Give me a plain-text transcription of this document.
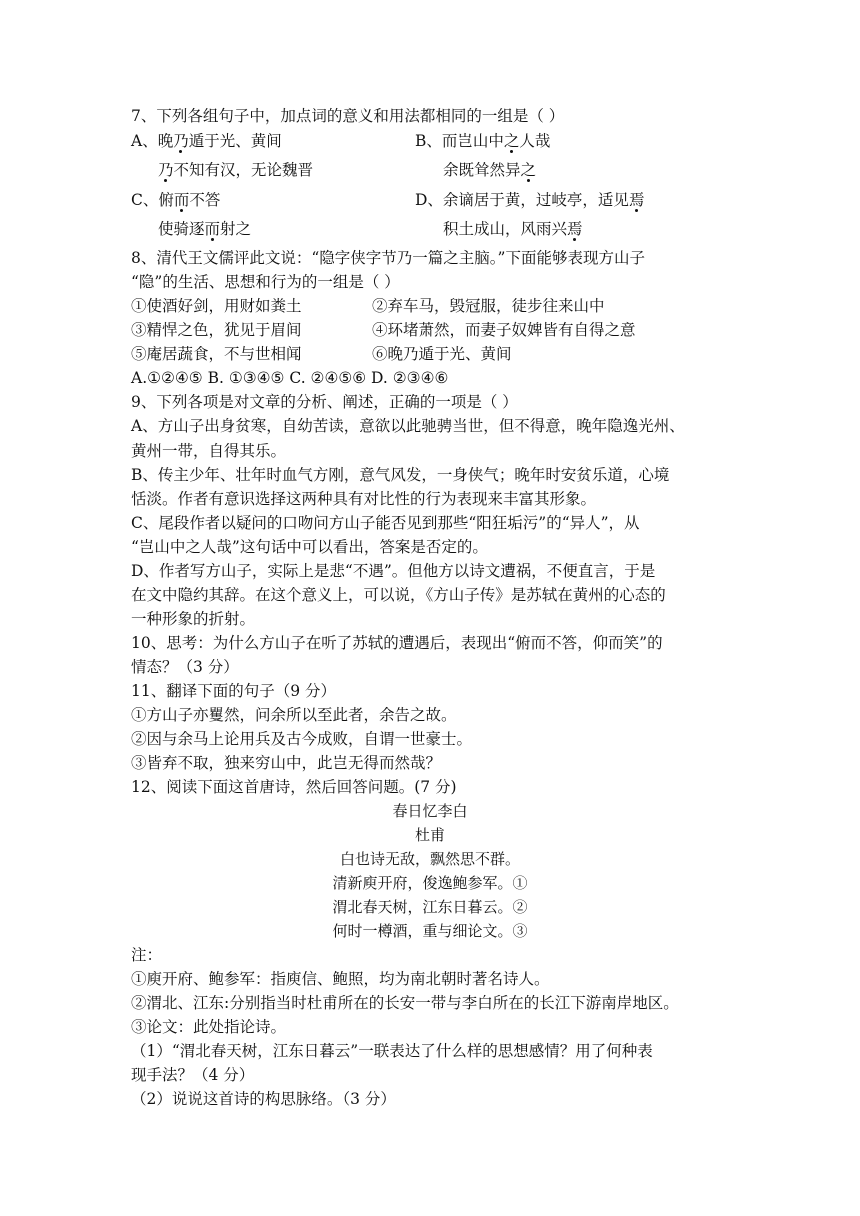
7、下列各组句子中，加点词的意义和用法都相同的一组是（ ）
A、晚乃遁于光、黄间	B、而岂山中之人哉
乃不知有汉，无论魏晋	余既耸然异之
C、俯而不答	D、余谪居于黄，过岐亭，适见焉
使骑逐而射之	积土成山，风雨兴焉
8、清代王文儒评此文说：“隐字侠字节乃一篇之主脑。”下面能够表现方山子
“隐”的生活、思想和行为的一组是（ ）
①使酒好剑，用财如粪土	②弃车马，毁冠服，徒步往来山中
③精悍之色，犹见于眉间	④环堵萧然，而妻子奴婢皆有自得之意
⑤庵居蔬食，不与世相闻	⑥晚乃遁于光、黄间
A.①②④⑤ B. ①③④⑤ C. ②④⑤⑥ D. ②③④⑥
9、下列各项是对文章的分析、阐述，正确的一项是（ ）
A、方山子出身贫寒，自幼苦读，意欲以此驰骋当世，但不得意，晚年隐逸光州、
黄州一带，自得其乐。
B、传主少年、壮年时血气方刚，意气风发，一身侠气；晚年时安贫乐道，心境
恬淡。作者有意识选择这两种具有对比性的行为表现来丰富其形象。
C、尾段作者以疑问的口吻问方山子能否见到那些“阳狂垢污”的“异人”，从
“岂山中之人哉”这句话中可以看出，答案是否定的。
D、作者写方山子，实际上是悲“不遇”。但他方以诗文遭祸，不便直言，于是
在文中隐约其辞。在这个意义上，可以说，《方山子传》是苏轼在黄州的心态的
一种形象的折射。
10、思考：为什么方山子在听了苏轼的遭遇后，表现出“俯而不答，仰而笑”的
情态？（3 分）
11、翻译下面的句子（9 分）
①方山子亦矍然，问余所以至此者，余告之故。
②因与余马上论用兵及古今成败，自谓一世豪士。
③皆弃不取，独来穷山中，此岂无得而然哉？
12、阅读下面这首唐诗，然后回答问题。(7 分)
春日忆李白
杜甫
白也诗无敌，飘然思不群。
清新庾开府，俊逸鲍参军。①
渭北春天树，江东日暮云。②
何时一樽酒，重与细论文。③
注：
①庾开府、鲍参军：指庾信、鲍照，均为南北朝时著名诗人。
②渭北、江东:分别指当时杜甫所在的长安一带与李白所在的长江下游南岸地区。
③论文：此处指论诗。
（1）“渭北春天树，江东日暮云”一联表达了什么样的思想感情？用了何种表
现手法？（4 分）
（2）说说这首诗的构思脉络。（3 分）
